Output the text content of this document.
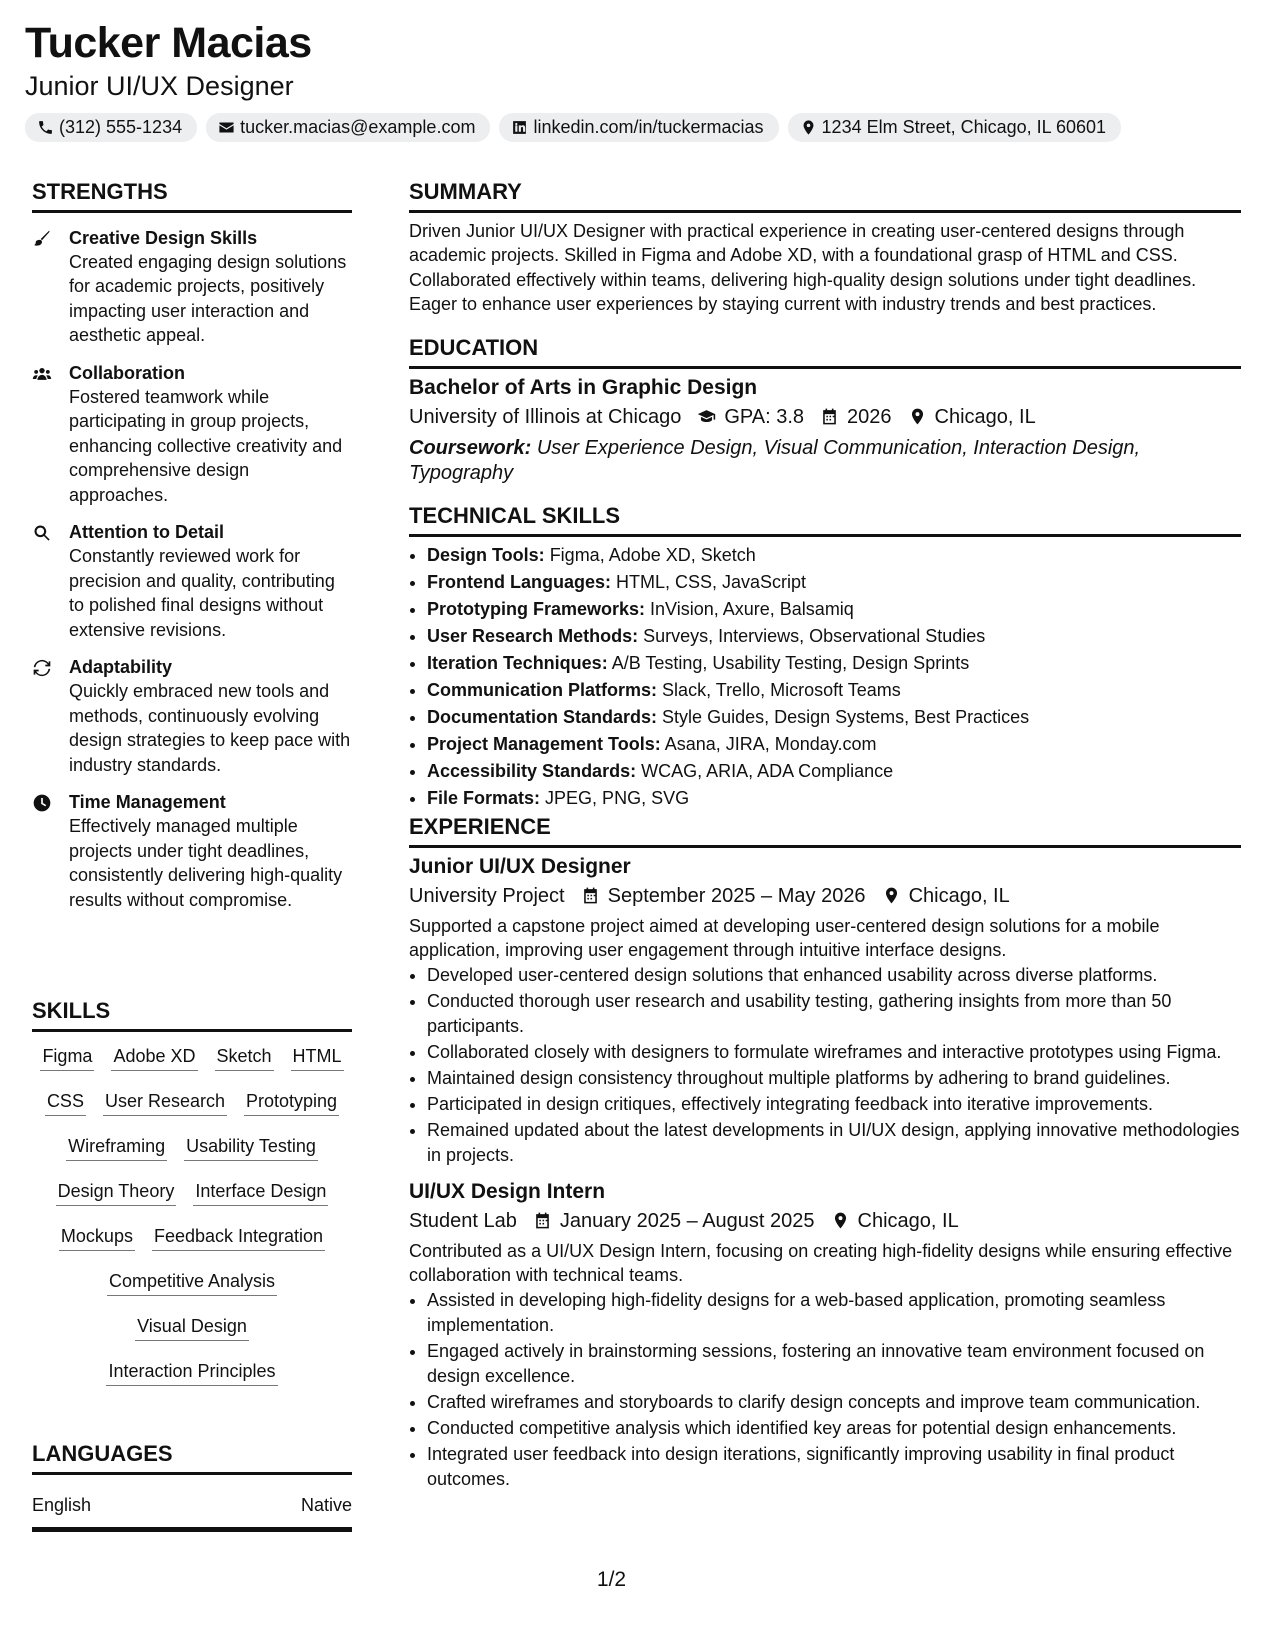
Tucker Macias
Junior UI/UX Designer
(312) 555-1234	tucker.macias@example.com	linkedin.com/in/tuckermacias	1234 Elm Street, Chicago, IL 60601
STRENGTHS
Creative Design Skills
Created engaging design solutions for academic projects, positively impacting user interaction and aesthetic appeal.
Collaboration
Fostered teamwork while participating in group projects, enhancing collective creativity and comprehensive design approaches.
Attention to Detail
Constantly reviewed work for precision and quality, contributing to polished final designs without extensive revisions.
Adaptability
Quickly embraced new tools and methods, continuously evolving design strategies to keep pace with industry standards.
Time Management
Effectively managed multiple projects under tight deadlines, consistently delivering high-quality results without compromise.
SKILLS
Figma Adobe XD Sketch HTML
CSS User Research Prototyping
Wireframing Usability Testing
Design Theory Interface Design
Mockups Feedback Integration
Competitive Analysis
Visual Design
Interaction Principles
LANGUAGES
English	Native
SUMMARY

Driven Junior UI/UX Designer with practical experience in creating user-centered designs through academic projects. Skilled in Figma and Adobe XD, with a foundational grasp of HTML and CSS. Collaborated effectively within teams, delivering high-quality design solutions under tight deadlines. Eager to enhance user experiences by staying current with industry trends and best practices.

EDUCATION
Bachelor of Arts in Graphic Design
University of Illinois at Chicago GPA: 3.8 2026 Chicago, IL

Coursework: User Experience Design, Visual Communication, Interaction Design, Typography

TECHNICAL SKILLS
• Design Tools: Figma, Adobe XD, Sketch
• Frontend Languages: HTML, CSS, JavaScript
• Prototyping Frameworks: InVision, Axure, Balsamiq
• User Research Methods: Surveys, Interviews, Observational Studies
• Iteration Techniques: A/B Testing, Usability Testing, Design Sprints
• Communication Platforms: Slack, Trello, Microsoft Teams
• Documentation Standards: Style Guides, Design Systems, Best Practices
• Project Management Tools: Asana, JIRA, Monday.com
• Accessibility Standards: WCAG, ARIA, ADA Compliance
• File Formats: JPEG, PNG, SVG
EXPERIENCE
Junior UI/UX Designer
University Project September 2025 – May 2026 Chicago, IL

Supported a capstone project aimed at developing user-centered design solutions for a mobile application, improving user engagement through intuitive interface designs.

• Developed user-centered design solutions that enhanced usability across diverse platforms.
• Conducted thorough user research and usability testing, gathering insights from more than 50 participants.
• Collaborated closely with designers to formulate wireframes and interactive prototypes using Figma.
• Maintained design consistency throughout multiple platforms by adhering to brand guidelines.
• Participated in design critiques, effectively integrating feedback into iterative improvements.
• Remained updated about the latest developments in UI/UX design, applying innovative methodologies in projects.
UI/UX Design Intern
Student Lab January 2025 – August 2025 Chicago, IL

Contributed as a UI/UX Design Intern, focusing on creating high-fidelity designs while ensuring effective collaboration with technical teams.

• Assisted in developing high-fidelity designs for a web-based application, promoting seamless implementation.
• Engaged actively in brainstorming sessions, fostering an innovative team environment focused on design excellence.
• Crafted wireframes and storyboards to clarify design concepts and improve team communication.
• Conducted competitive analysis which identified key areas for potential design enhancements.
• Integrated user feedback into design iterations, significantly improving usability in final product outcomes.
1/2
